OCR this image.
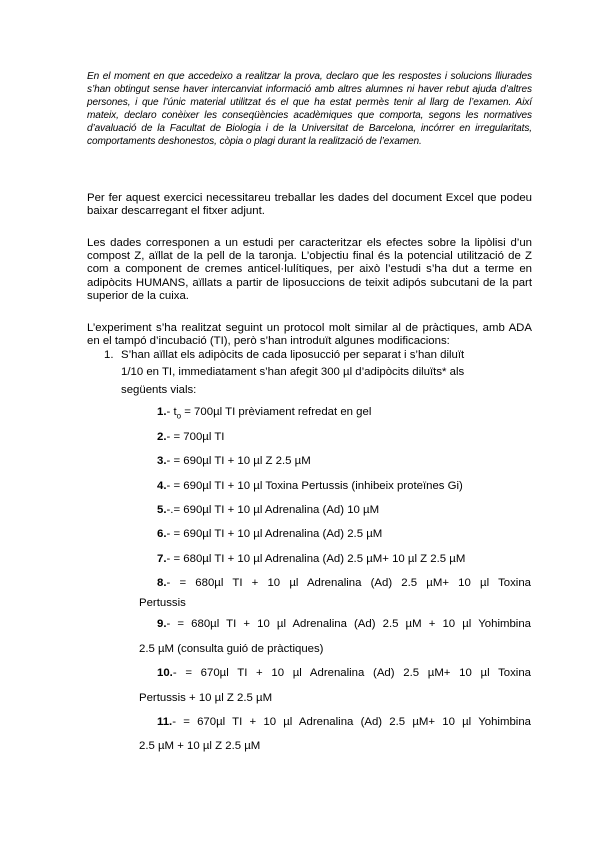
En el moment en que accedeixo a realitzar la prova, declaro que les respostes i solucions lliurades s’han obtingut sense haver intercanviat informació amb altres alumnes ni haver rebut ajuda d’altres persones, i que l’únic material utilitzat és el que ha estat permès tenir al llarg de l’examen. Així mateix, declaro conèixer les conseqüències acadèmiques que comporta, segons les normatives d’avaluació de la Facultat de Biologia i de la Universitat de Barcelona, incórrer en irregularitats, comportaments deshonestos, còpia o plagi durant la realització de l’examen.

Per fer aquest exercici necessitareu treballar les dades del document Excel que podeu baixar descarregant el fitxer adjunt.

Les dades corresponen a un estudi per caracteritzar els efectes sobre la lipòlisi d’un compost Z, aïllat de la pell de la taronja. L’objectiu final és la potencial utilització de Z com a component de cremes anticel·lulítiques, per això l’estudi s’ha dut a terme en adipòcits HUMANS, aïllats a partir de liposuccions de teixit adipós subcutani de la part superior de la cuixa.

L’experiment s’ha realitzat seguint un protocol molt similar al de pràctiques, amb ADA en el tampó d’incubació (TI), però s’han introduït algunes modificacions:

1. S’han aïllat els adipòcits de cada liposucció per separat i s’han diluït

1/10 en TI, immediatament s’han afegit 300 µl d’adipòcits diluïts* als

següents vials:

1.- $t_o = 700\mu l$ TI prèviament refredat en gel

2.- = 700µl TI

3.- = 690µl TI + 10 µl Z 2.5 µM

4.- = 690µl TI + 10 µl Toxina Pertussis (inhibeix proteïnes Gi)

5.-.= 690µl TI + 10 µl Adrenalina (Ad) 10 µM

6.- = 690µl TI + 10 µl Adrenalina (Ad) 2.5 µM

7.- = 680µl TI + 10 µl Adrenalina (Ad) 2.5 µM+ 10 µl Z 2.5 µM

8.- = 680µl TI + 10 µl Adrenalina (Ad) 2.5 µM+ 10 µl Toxina

Pertussis

9.- = 680µl TI + 10 µl Adrenalina (Ad) 2.5 µM + 10 µl Yohimbina

2.5 µM (consulta guió de pràctiques)

10.- = 670µl TI + 10 µl Adrenalina (Ad) 2.5 µM+ 10 µl Toxina

Pertussis + 10 µl Z 2.5 µM

11.- = 670µl TI + 10 µl Adrenalina (Ad) 2.5 µM+ 10 µl Yohimbina

2.5 µM + 10 µl Z 2.5 µM
